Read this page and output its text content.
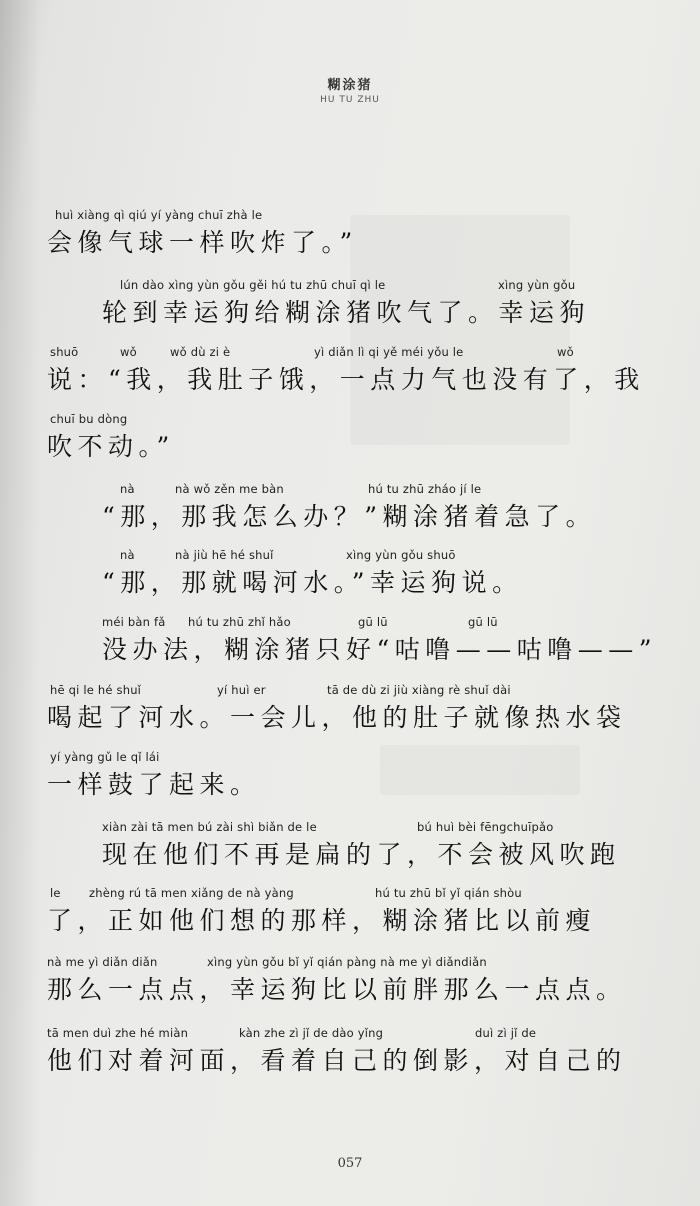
糊涂猪
HU TU ZHU
huì xiàng qì qiú yí yàng chuī zhà le
会像气球一样吹炸了。”
lún dào xìng yùn gǒu gěi hú tu zhū chuī qì le	xìng yùn gǒu
轮到幸运狗给糊涂猪吹气了。幸运狗
shuō	wǒ	wǒ dù zi è	yì diǎn lì qi yě méi yǒu le	wǒ
说：“我，我肚子饿，一点力气也没有了，我
chuī bu dòng
吹不动。”
nà	nà wǒ zěn me bàn	hú tu zhū zháo jí le
“那，那我怎么办？”糊涂猪着急了。
nà	nà jiù hē hé shuǐ	xìng yùn gǒu shuō
“那，那就喝河水。”幸运狗说。
méi bàn fǎ hú tu zhū zhǐ hǎo	gū lū	gū lū
没办法，糊涂猪只好“咕噜——咕噜——”
hē qi le hé shuǐ	yí huì er	tā de dù zi jiù xiàng rè shuǐ dài
喝起了河水。一会儿，他的肚子就像热水袋
yí yàng gǔ le qǐ lái
一样鼓了起来。
xiàn zài tā men bú zài shì biǎn de le	bú huì bèi fēngchuīpǎo
现在他们不再是扁的了，不会被风吹跑
le zhèng rú tā men xiǎng de nà yàng	hú tu zhū bǐ yǐ qián shòu
了，正如他们想的那样，糊涂猪比以前瘦
nà me yì diǎn diǎn	xìng yùn gǒu bǐ yǐ qián pàng nà me yì diǎndiǎn
那么一点点，幸运狗比以前胖那么一点点。
tā men duì zhe hé miàn	kàn zhe zì jǐ de dào yǐng	duì zì jǐ de
他们对着河面，看着自己的倒影，对自己的
057
